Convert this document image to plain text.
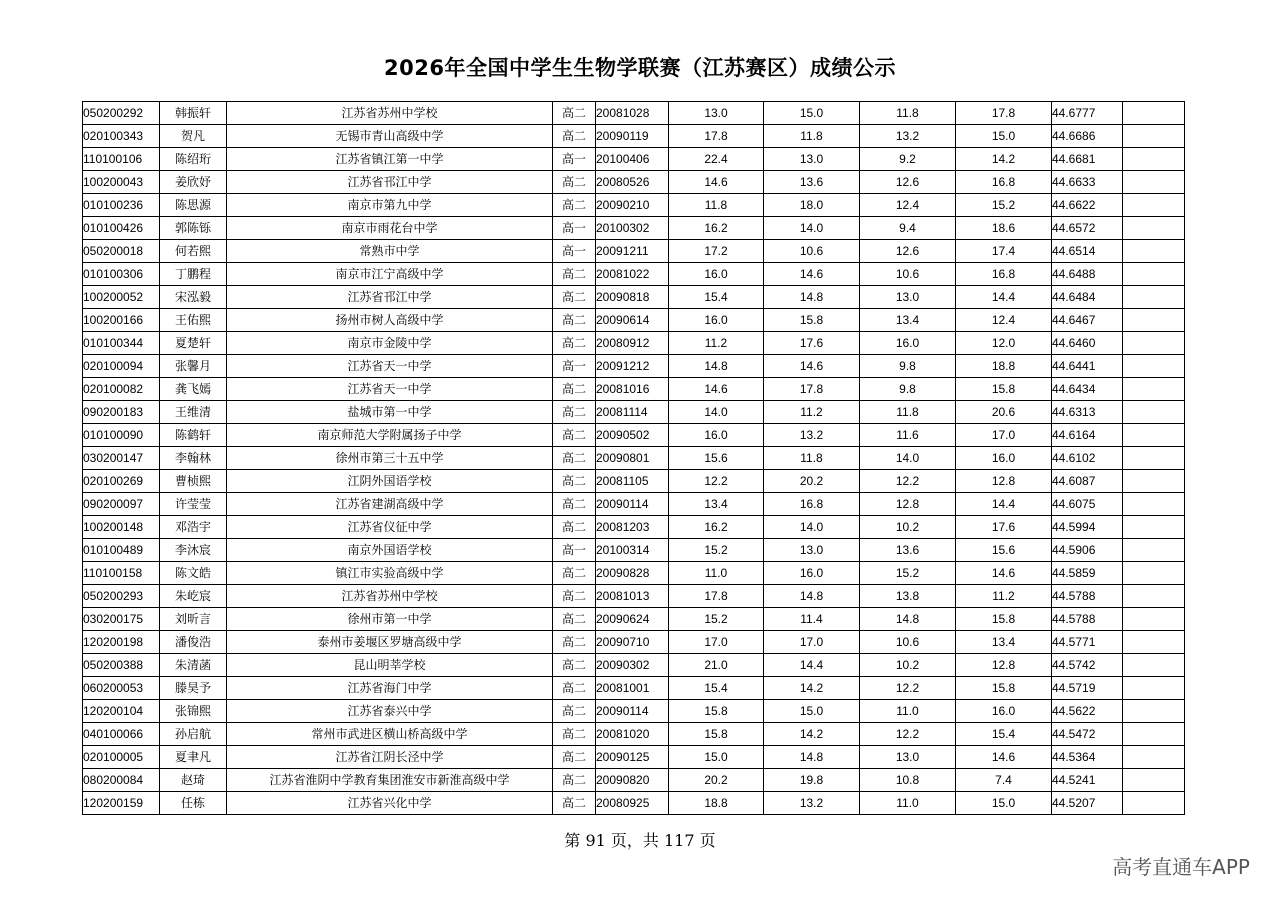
2026年全国中学生生物学联赛（江苏赛区）成绩公示
050200292	韩振轩	江苏省苏州中学校	高二	20081028	13.0	15.0	11.8	17.8	44.6777	
020100343	贺凡	无锡市青山高级中学	高二	20090119	17.8	11.8	13.2	15.0	44.6686	
110100106	陈绍珩	江苏省镇江第一中学	高一	20100406	22.4	13.0	9.2	14.2	44.6681	
100200043	姜欣妤	江苏省邗江中学	高二	20080526	14.6	13.6	12.6	16.8	44.6633	
010100236	陈思源	南京市第九中学	高二	20090210	11.8	18.0	12.4	15.2	44.6622	
010100426	郭陈铄	南京市雨花台中学	高一	20100302	16.2	14.0	9.4	18.6	44.6572	
050200018	何若熙	常熟市中学	高一	20091211	17.2	10.6	12.6	17.4	44.6514	
010100306	丁鹏程	南京市江宁高级中学	高二	20081022	16.0	14.6	10.6	16.8	44.6488	
100200052	宋泓毅	江苏省邗江中学	高二	20090818	15.4	14.8	13.0	14.4	44.6484	
100200166	王佑熙	扬州市树人高级中学	高二	20090614	16.0	15.8	13.4	12.4	44.6467	
010100344	夏楚轩	南京市金陵中学	高二	20080912	11.2	17.6	16.0	12.0	44.6460	
020100094	张馨月	江苏省天一中学	高一	20091212	14.8	14.6	9.8	18.8	44.6441	
020100082	龚飞嫣	江苏省天一中学	高二	20081016	14.6	17.8	9.8	15.8	44.6434	
090200183	王维清	盐城市第一中学	高二	20081114	14.0	11.2	11.8	20.6	44.6313	
010100090	陈鹤轩	南京师范大学附属扬子中学	高二	20090502	16.0	13.2	11.6	17.0	44.6164	
030200147	李翰林	徐州市第三十五中学	高二	20090801	15.6	11.8	14.0	16.0	44.6102	
020100269	曹桢熙	江阴外国语学校	高二	20081105	12.2	20.2	12.2	12.8	44.6087	
090200097	许莹莹	江苏省建湖高级中学	高二	20090114	13.4	16.8	12.8	14.4	44.6075	
100200148	邓浩宇	江苏省仪征中学	高二	20081203	16.2	14.0	10.2	17.6	44.5994	
010100489	李沐宸	南京外国语学校	高一	20100314	15.2	13.0	13.6	15.6	44.5906	
110100158	陈文皓	镇江市实验高级中学	高二	20090828	11.0	16.0	15.2	14.6	44.5859	
050200293	朱屹宸	江苏省苏州中学校	高二	20081013	17.8	14.8	13.8	11.2	44.5788	
030200175	刘昕言	徐州市第一中学	高二	20090624	15.2	11.4	14.8	15.8	44.5788	
120200198	潘俊浩	泰州市姜堰区罗塘高级中学	高二	20090710	17.0	17.0	10.6	13.4	44.5771	
050200388	朱清菡	昆山明莘学校	高二	20090302	21.0	14.4	10.2	12.8	44.5742	
060200053	滕昊予	江苏省海门中学	高二	20081001	15.4	14.2	12.2	15.8	44.5719	
120200104	张锦熙	江苏省泰兴中学	高二	20090114	15.8	15.0	11.0	16.0	44.5622	
040100066	孙启航	常州市武进区横山桥高级中学	高二	20081020	15.8	14.2	12.2	15.4	44.5472	
020100005	夏聿凡	江苏省江阴长泾中学	高二	20090125	15.0	14.8	13.0	14.6	44.5364	
080200084	赵琦	江苏省淮阴中学教育集团淮安市新淮高级中学	高二	20090820	20.2	19.8	10.8	7.4	44.5241	
120200159	任栋	江苏省兴化中学	高二	20080925	18.8	13.2	11.0	15.0	44.5207	
第 91 页，共 117 页
高考直通车APP
